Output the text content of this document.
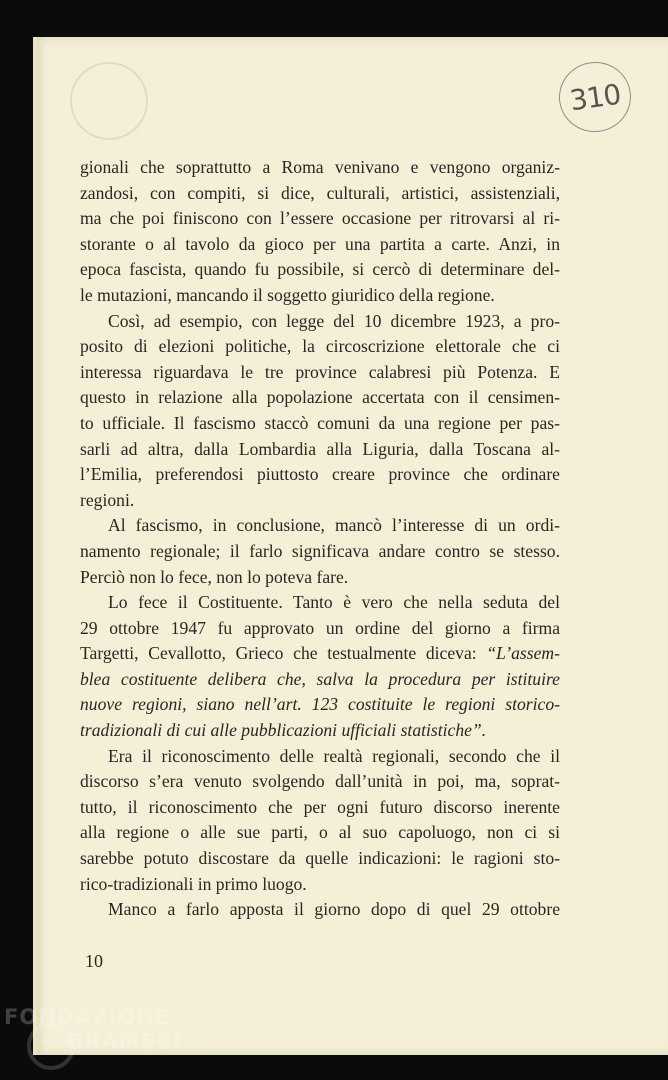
310

gionali che soprattutto a Roma venivano e vengono organiz-
zandosi, con compiti, si dice, culturali, artistici, assistenziali,
ma che poi finiscono con l’essere occasione per ritrovarsi al ri-
storante o al tavolo da gioco per una partita a carte. Anzi, in
epoca fascista, quando fu possibile, si cercò di determinare del-
le mutazioni, mancando il soggetto giuridico della regione.

Così, ad esempio, con legge del 10 dicembre 1923, a pro-
posito di elezioni politiche, la circoscrizione elettorale che ci
interessa riguardava le tre province calabresi più Potenza. E
questo in relazione alla popolazione accertata con il censimen-
to ufficiale. Il fascismo staccò comuni da una regione per pas-
sarli ad altra, dalla Lombardia alla Liguria, dalla Toscana al-
l’Emilia, preferendosi piuttosto creare province che ordinare
regioni.

Al fascismo, in conclusione, mancò l’interesse di un ordi-
namento regionale; il farlo significava andare contro se stesso.
Perciò non lo fece, non lo poteva fare.

Lo fece il Costituente. Tanto è vero che nella seduta del
29 ottobre 1947 fu approvato un ordine del giorno a firma
Targetti, Cevallotto, Grieco che testualmente diceva: “L’assem-
blea costituente delibera che, salva la procedura per istituire
nuove regioni, siano nell’art. 123 costituite le regioni storico-
tradizionali di cui alle pubblicazioni ufficiali statistiche”.

Era il riconoscimento delle realtà regionali, secondo che il
discorso s’era venuto svolgendo dall’unità in poi, ma, soprat-
tutto, il riconoscimento che per ogni futuro discorso inerente
alla regione o alle sue parti, o al suo capoluogo, non ci si
sarebbe potuto discostare da quelle indicazioni: le ragioni sto-
rico-tradizionali in primo luogo.

Manco a farlo apposta il giorno dopo di quel 29 ottobre

10
FONDAZIONE
GRAMSCI onlus
